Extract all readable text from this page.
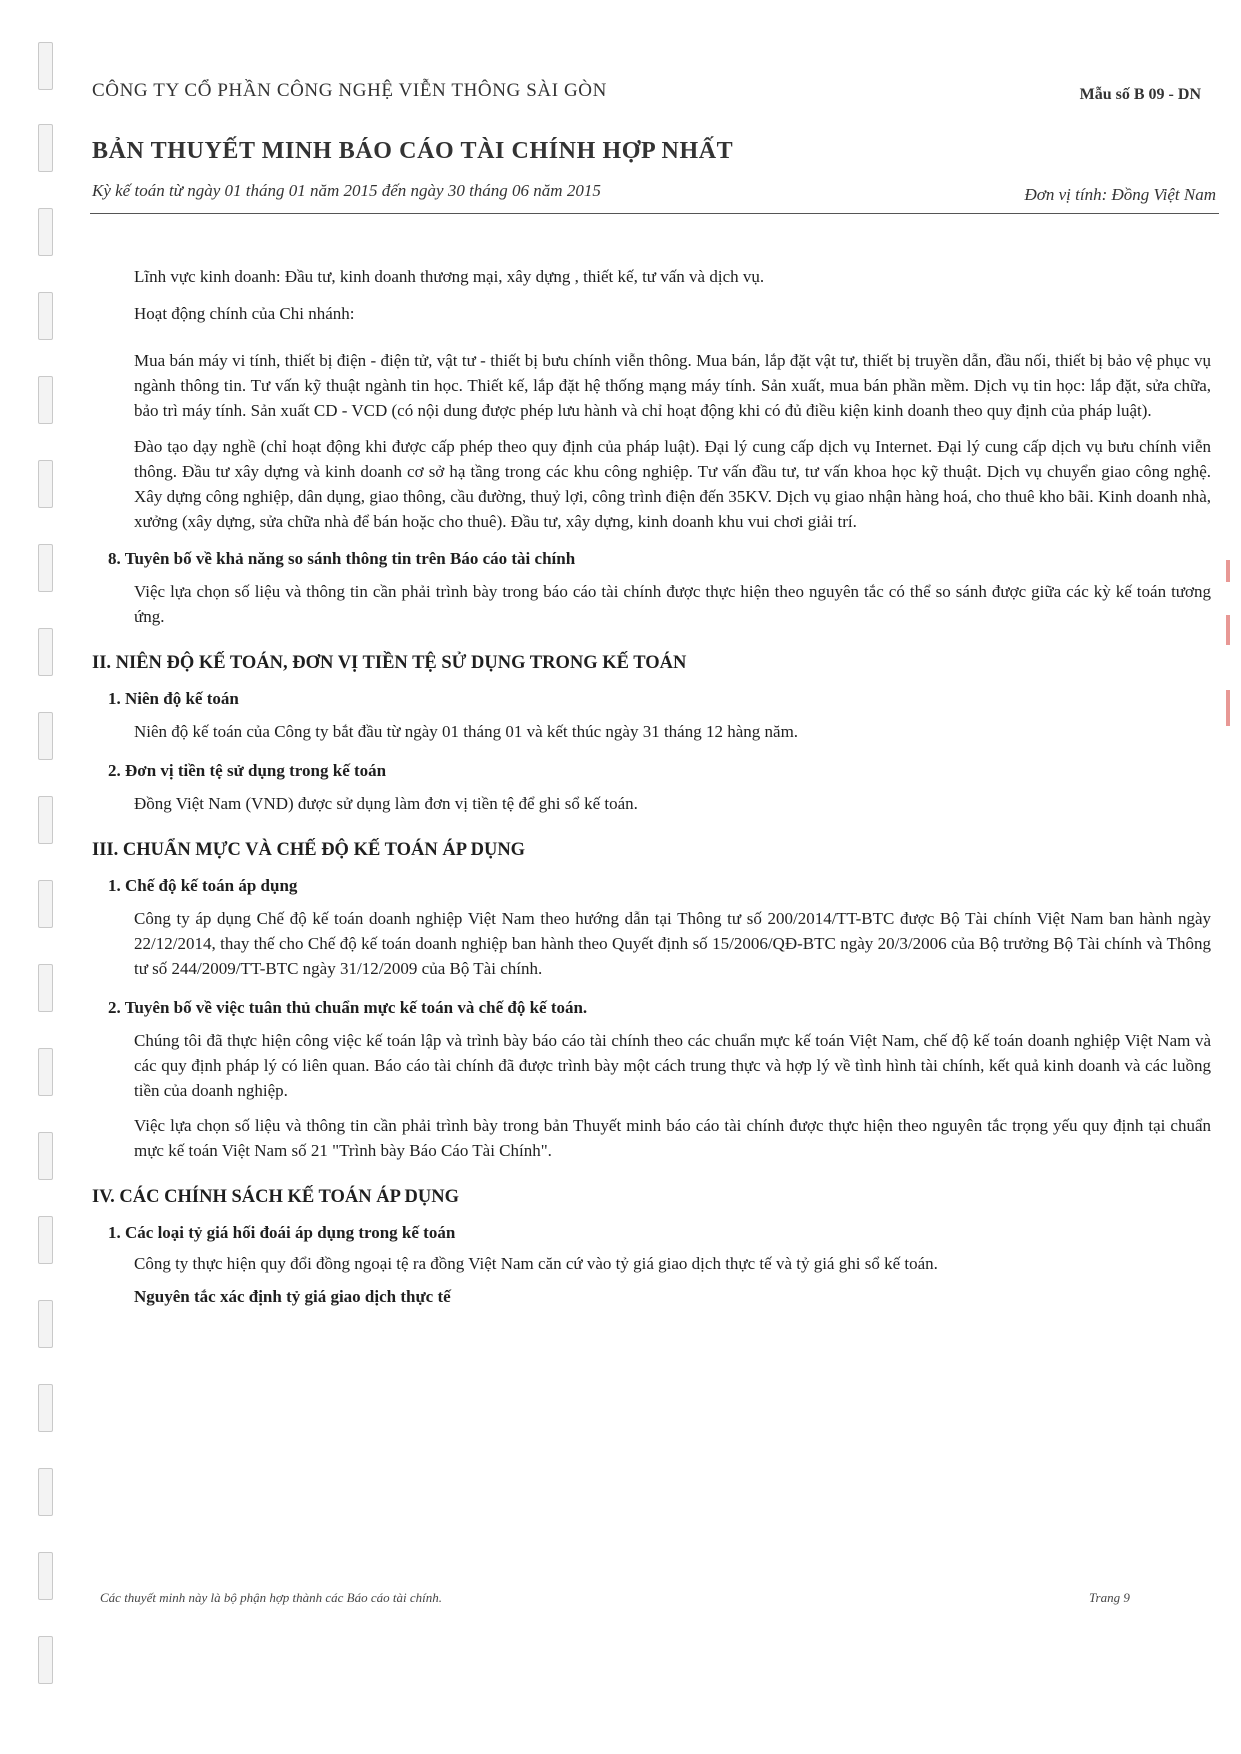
CÔNG TY CỔ PHẦN CÔNG NGHỆ VIỄN THÔNG SÀI GÒN	Mẫu số B 09 - DN
BẢN THUYẾT MINH BÁO CÁO TÀI CHÍNH HỢP NHẤT
Kỳ kế toán từ ngày 01 tháng 01 năm 2015 đến ngày 30 tháng 06 năm 2015	Đơn vị tính: Đồng Việt Nam

Lĩnh vực kinh doanh: Đầu tư, kinh doanh thương mại, xây dựng , thiết kế, tư vấn và dịch vụ.

Hoạt động chính của Chi nhánh:

Mua bán máy vi tính, thiết bị điện - điện tử, vật tư - thiết bị bưu chính viễn thông. Mua bán, lắp đặt vật tư, thiết bị truyền dẫn, đầu nối, thiết bị bảo vệ phục vụ ngành thông tin. Tư vấn kỹ thuật ngành tin học. Thiết kế, lắp đặt hệ thống mạng máy tính. Sản xuất, mua bán phần mềm. Dịch vụ tin học: lắp đặt, sửa chữa, bảo trì máy tính. Sản xuất CD - VCD (có nội dung được phép lưu hành và chỉ hoạt động khi có đủ điều kiện kinh doanh theo quy định của pháp luật).

Đào tạo dạy nghề (chỉ hoạt động khi được cấp phép theo quy định của pháp luật). Đại lý cung cấp dịch vụ Internet. Đại lý cung cấp dịch vụ bưu chính viễn thông. Đầu tư xây dựng và kinh doanh cơ sở hạ tầng trong các khu công nghiệp. Tư vấn đầu tư, tư vấn khoa học kỹ thuật. Dịch vụ chuyển giao công nghệ. Xây dựng công nghiệp, dân dụng, giao thông, cầu đường, thuỷ lợi, công trình điện đến 35KV. Dịch vụ giao nhận hàng hoá, cho thuê kho bãi. Kinh doanh nhà, xưởng (xây dựng, sửa chữa nhà để bán hoặc cho thuê). Đầu tư, xây dựng, kinh doanh khu vui chơi giải trí.

8. Tuyên bố về khả năng so sánh thông tin trên Báo cáo tài chính

Việc lựa chọn số liệu và thông tin cần phải trình bày trong báo cáo tài chính được thực hiện theo nguyên tắc có thể so sánh được giữa các kỳ kế toán tương ứng.

II. NIÊN ĐỘ KẾ TOÁN, ĐƠN VỊ TIỀN TỆ SỬ DỤNG TRONG KẾ TOÁN

1. Niên độ kế toán

Niên độ kế toán của Công ty bắt đầu từ ngày 01 tháng 01 và kết thúc ngày 31 tháng 12 hàng năm.

2. Đơn vị tiền tệ sử dụng trong kế toán

Đồng Việt Nam (VND) được sử dụng làm đơn vị tiền tệ để ghi sổ kế toán.

III. CHUẨN MỰC VÀ CHẾ ĐỘ KẾ TOÁN ÁP DỤNG

1. Chế độ kế toán áp dụng

Công ty áp dụng Chế độ kế toán doanh nghiệp Việt Nam theo hướng dẫn tại Thông tư số 200/2014/TT-BTC được Bộ Tài chính Việt Nam ban hành ngày 22/12/2014, thay thế cho Chế độ kế toán doanh nghiệp ban hành theo Quyết định số 15/2006/QĐ-BTC ngày 20/3/2006 của Bộ trưởng Bộ Tài chính và Thông tư số 244/2009/TT-BTC ngày 31/12/2009 của Bộ Tài chính.

2. Tuyên bố về việc tuân thủ chuẩn mực kế toán và chế độ kế toán.

Chúng tôi đã thực hiện công việc kế toán lập và trình bày báo cáo tài chính theo các chuẩn mực kế toán Việt Nam, chế độ kế toán doanh nghiệp Việt Nam và các quy định pháp lý có liên quan. Báo cáo tài chính đã được trình bày một cách trung thực và hợp lý về tình hình tài chính, kết quả kinh doanh và các luồng tiền của doanh nghiệp.

Việc lựa chọn số liệu và thông tin cần phải trình bày trong bản Thuyết minh báo cáo tài chính được thực hiện theo nguyên tắc trọng yếu quy định tại chuẩn mực kế toán Việt Nam số 21 "Trình bày Báo Cáo Tài Chính".

IV. CÁC CHÍNH SÁCH KẾ TOÁN ÁP DỤNG

1. Các loại tỷ giá hối đoái áp dụng trong kế toán

Công ty thực hiện quy đổi đồng ngoại tệ ra đồng Việt Nam căn cứ vào tỷ giá giao dịch thực tế và tỷ giá ghi sổ kế toán.

Nguyên tắc xác định tỷ giá giao dịch thực tế

Các thuyết minh này là bộ phận hợp thành các Báo cáo tài chính.	Trang 9
